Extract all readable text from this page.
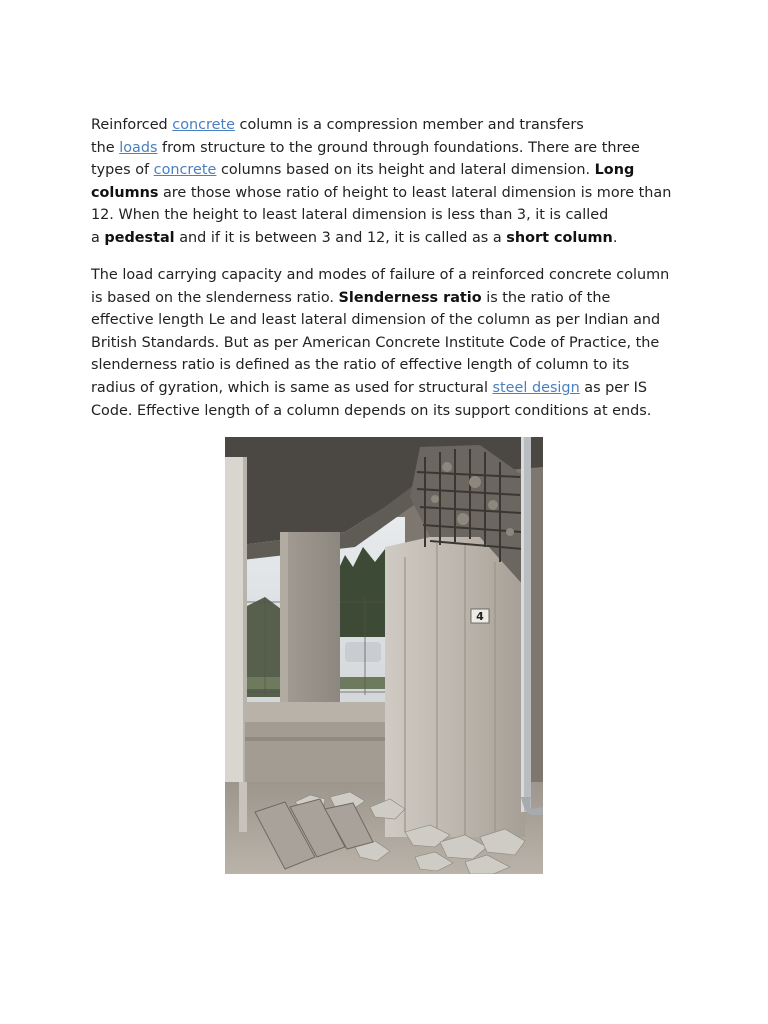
Reinforced concrete column is a compression member and transfers
the loads from structure to the ground through foundations. There are three
types of concrete columns based on its height and lateral dimension. Long
columns are those whose ratio of height to least lateral dimension is more than
12. When the height to least lateral dimension is less than 3, it is called
a pedestal and if it is between 3 and 12, it is called as a short column.

The load carrying capacity and modes of failure of a reinforced concrete column
is based on the slenderness ratio. Slenderness ratio is the ratio of the
effective length Le and least lateral dimension of the column as per Indian and
British Standards. But as per American Concrete Institute Code of Practice, the
slenderness ratio is defined as the ratio of effective length of column to its
radius of gyration, which is same as used for structural steel design as per IS
Code. Effective length of a column depends on its support conditions at ends.

4
